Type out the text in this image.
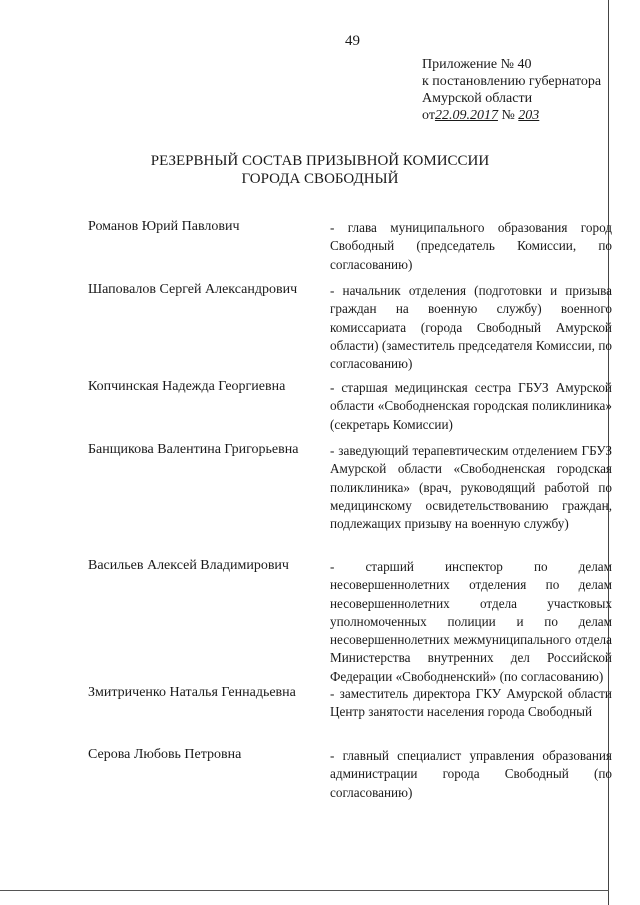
49
Приложение № 40
к постановлению губернатора
Амурской области
от22.09.2017 № 203
РЕЗЕРВНЫЙ СОСТАВ ПРИЗЫВНОЙ КОМИССИИ
ГОРОДА СВОБОДНЫЙ
Романов Юрий Павлович	- глава муниципального образования город Свободный (председатель Комиссии, по согласованию)
Шаповалов Сергей Александрович	- начальник отделения (подготовки и призыва граждан на военную службу) военного комиссариата (города Свободный Амурской области) (заместитель председателя Комиссии, по согласованию)
Копчинская Надежда Георгиевна	- старшая медицинская сестра ГБУЗ Амурской области «Свободненская городская поликлиника» (секретарь Комиссии)
Банщикова Валентина Григорьевна	- заведующий терапевтическим отделением ГБУЗ Амурской области «Свободненская городская поликлиника» (врач, руководящий работой по медицинскому освидетельствованию граждан, подлежащих призыву на военную службу)
Васильев Алексей Владимирович	- старший инспектор по делам несовершеннолетних отделения по делам несовершеннолетних отдела участковых уполномоченных полиции и по делам несовершеннолетних межмуниципального отдела Министерства внутренних дел Российской Федерации «Свободненский» (по согласованию)
Змитриченко Наталья Геннадьевна	- заместитель директора ГКУ Амурской области Центр занятости населения города Свободный
Серова Любовь Петровна	- главный специалист управления образования администрации города Свободный (по согласованию)
